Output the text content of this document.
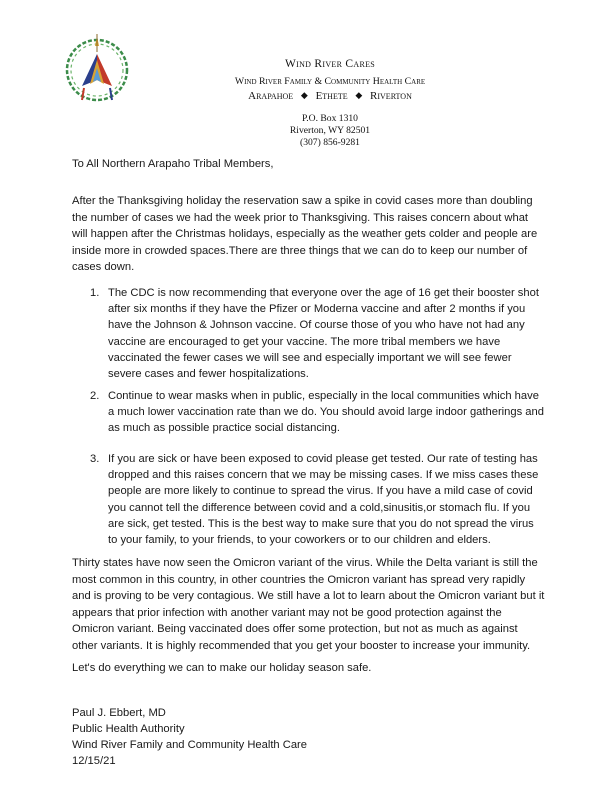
Wind River Cares
Wind River Family & Community Health Care
Arapahoe ◆ Ethete ◆ Riverton
P.O. Box 1310
Riverton, WY 82501
(307) 856-9281
To All Northern Arapaho Tribal Members,
After the Thanksgiving holiday the reservation saw a spike in covid cases more than doubling the number of cases we had the week prior to Thanksgiving. This raises concern about what will happen after the Christmas holidays, especially as the weather gets colder and people are inside more in crowded spaces.There are three things that we can do to keep our number of cases down.
1. The CDC is now recommending that everyone over the age of 16 get their booster shot after six months if they have the Pfizer or Moderna vaccine and after 2 months if you have the Johnson & Johnson vaccine. Of course those of you who have not had any vaccine are encouraged to get your vaccine. The more tribal members we have vaccinated the fewer cases we will see and especially important we will see fewer severe cases and fewer hospitalizations.
2. Continue to wear masks when in public, especially in the local communities which have a much lower vaccination rate than we do. You should avoid large indoor gatherings and as much as possible practice social distancing.
3. If you are sick or have been exposed to covid please get tested. Our rate of testing has dropped and this raises concern that we may be missing cases. If we miss cases these people are more likely to continue to spread the virus. If you have a mild case of covid you cannot tell the difference between covid and a cold,sinusitis,or stomach flu. If you are sick, get tested. This is the best way to make sure that you do not spread the virus to your family, to your friends, to your coworkers or to our children and elders.
Thirty states have now seen the Omicron variant of the virus. While the Delta variant is still the most common in this country, in other countries the Omicron variant has spread very rapidly and is proving to be very contagious. We still have a lot to learn about the Omicron variant but it appears that prior infection with another variant may not be good protection against the Omicron variant. Being vaccinated does offer some protection, but not as much as against other variants. It is highly recommended that you get your booster to increase your immunity.
Let's do everything we can to make our holiday season safe.
Paul J. Ebbert, MD
Public Health Authority
Wind River Family and Community Health Care
12/15/21
